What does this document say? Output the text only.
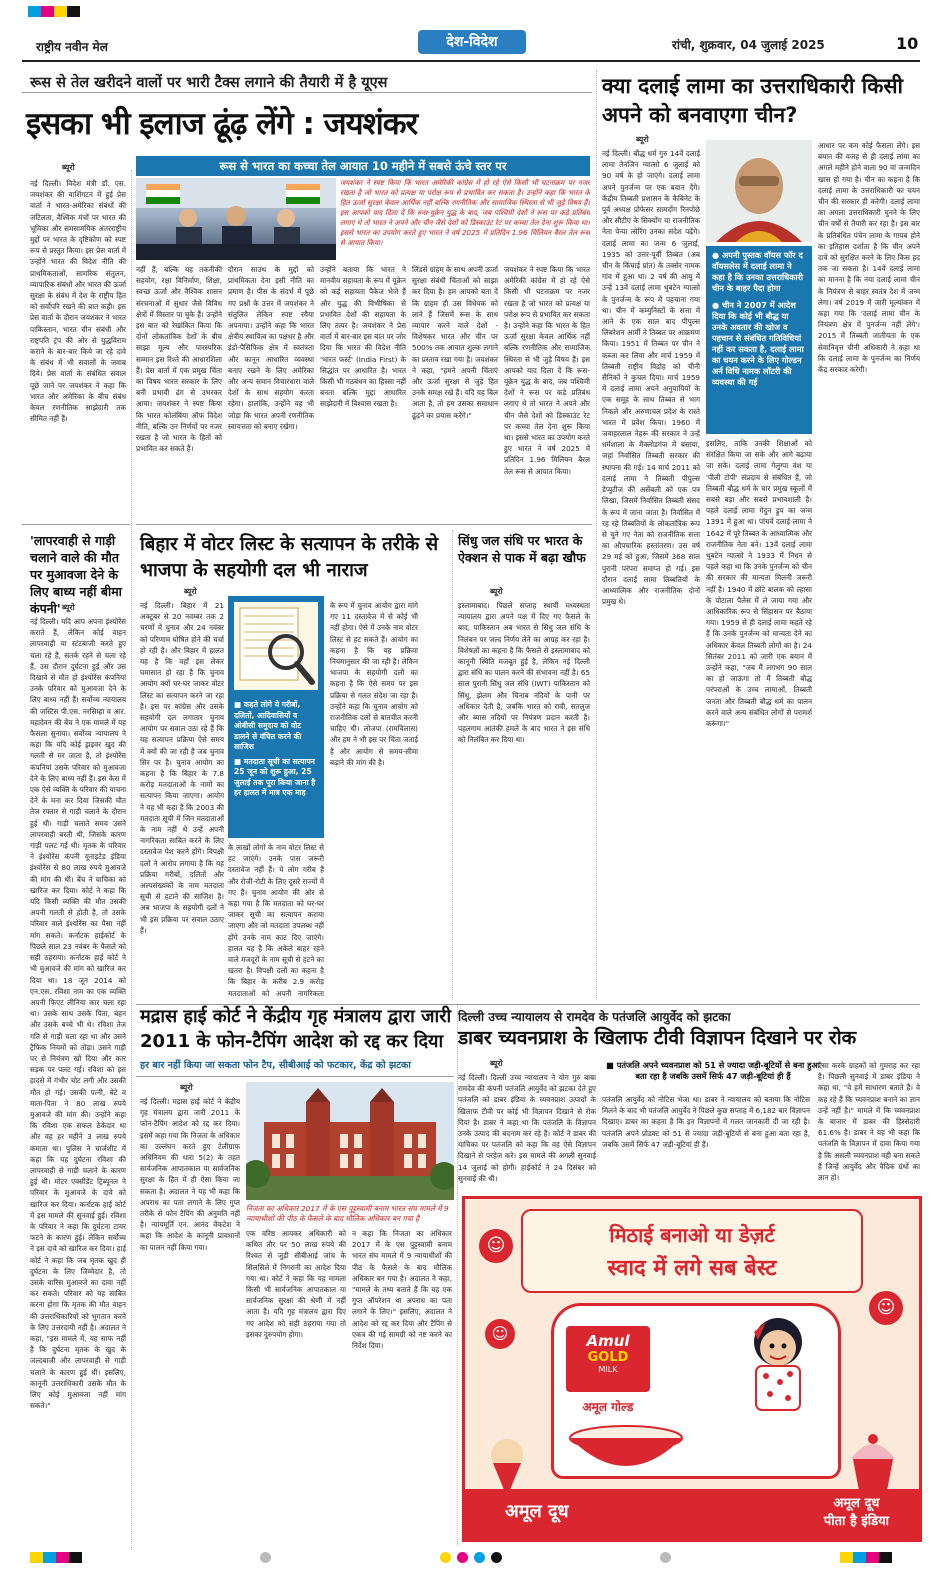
राष्ट्रीय नवीन मेल	देश-विदेश	रांची, शुक्रवार, 04 जुलाई 2025	10
रूस से तेल खरीदने वालों पर भारी टैक्स लगाने की तैयारी में है यूएस
इसका भी इलाज ढूंढ़ लेंगे : जयशंकर
ब्यूरो

नई दिल्ली। विदेश मंत्री डॉ. एस. जयशंकर की वाशिंगटन में हुई प्रेस वार्ता ने भारत-अमेरिका संबंधों की जटिलता, वैश्विक मंचों पर भारत की भूमिका और समसामयिक अंतरराष्ट्रीय मुद्दों पर भारत के दृष्टिकोण को स्पष्ट रूप से प्रस्तुत किया। इस प्रेस वार्ता में उन्होंने भारत की विदेश नीति की प्राथमिकताओं, सामरिक संतुलन, व्यापारिक संबंधों और भारत की ऊर्जा सुरक्षा के संबंध में देश के राष्ट्रीय हित को सर्वोपरि रखने की बात कही। इस प्रेस वार्ता के दौरान जयशंकर ने भारत पाकिस्तान, भारत चीन संबंधी और राष्ट्रपति ट्रंप की ओर से युद्धविराम कराने के बार-बार किये जा रहे दावे के संबंध में भी सवालों के जवाब दिये। प्रेस वार्ता के संबंधित सवाल पूछे जाने पर जयशंकर ने कहा कि भारत और अमेरिका के बीच संबंध केवल रणनीतिक साझेदारी तक सीमित नहीं हैं।

रूस से भारत का कच्चा तेल आयात 10 महीने में सबसे ऊंचे स्तर पर
जयशंकर ने स्पष्ट किया कि भारत अमेरिकी कांग्रेस में हो रहे ऐसे किसी भी घटनाक्रम पर नजर रखता है जो भारत को प्रत्यक्ष या परोक्ष रूप से प्रभावित कर सकता है। उन्होंने कहा कि भारत के हित ऊर्जा सुरक्षा केवल आर्थिक नहीं बल्कि रणनीतिक और सामाजिक स्थिरता से भी जुड़े विषय हैं। इस आपको याद दिला दें कि रूस-यूक्रेन युद्ध के बाद, जब पश्चिमी देशों ने रूस पर कड़े प्रतिबंध लगाए थे तो भारत ने अपने और चीन जैसे देशों को डिस्काउंट रेट पर कच्चा तेल देना शुरू किया था। इससे भारत का उपयोग करते हुए भारत ने वर्ष 2025 में प्रतिदिन 1.96 मिलियन बैरल तेल रूस से आयात किया।

नहीं हैं, बल्कि यह तकनीकी सहयोग, रक्षा विनिर्माण, शिक्षा, स्वच्छ ऊर्जा और वैश्विक शासन संरचनाओं में सुधार जैसे विविध क्षेत्रों में विस्तार पा चुके हैं। उन्होंने इस बात को रेखांकित किया कि दोनों लोकतांत्रिक देशों के बीच साझा मूल्य और पारस्परिक सम्मान इस रिश्ते की आधारशिला हैं। प्रेस वार्ता में एक प्रमुख चिंता का विषय भारत सरकार के लिए बनी प्रभावी ढंग से उभरकर आया। जयशंकर ने स्पष्ट किया कि भारत कोलंबिया ऑफ विदेश नीति, बल्कि उन निर्णयों पर नजर रखता है जो भारत के हितों को प्रभावित कर सकते हैं।

दौरान साउथ के मुद्दों को प्राथमिकता देना इसी नीति का प्रमाण है। पीस के संदर्भ में पूछे गए प्रश्नों के उत्तर में जयशंकर ने संतुलित लेकिन स्पष्ट रवैया अपनाया। उन्होंने कहा कि भारत क्षेत्रीय स्थायित्व का पक्षधर है और इंडो-पैसिफिक क्षेत्र में स्वतंत्रता और कानून आधारित व्यवस्था बनाए रखने के लिए अमेरिका और अन्य समान विचारधारा वाले देशों के साथ सहयोग करता रहेगा। हालांकि, उन्होंने यह भी जोड़ा कि भारत अपनी रणनीतिक स्वायत्तता को बनाए रखेगा।

उन्होंने बताया कि भारत ने मानवीय सहायता के रूप में यूक्रेन को कई सहायता पैकेज भेजे हैं और युद्ध की विभीषिका से प्रभावित देशों की सहायता के लिए तत्पर है। जयशंकर ने प्रेस वार्ता में बार-बार इस बात पर जोर दिया कि भारत की विदेश नीति 'भारत फर्स्ट' (India First) के सिद्धांत पर आधारित है। भारत किसी भी गठबंधन का हिस्सा नहीं बनता बल्कि मुद्दा आधारित साझेदारी में विश्वास रखता है।

लिंडसे ग्राहम के साथ अपनी ऊर्जा सुरक्षा संबंधी चिंताओं को साझा कर दिया है। हम आपको बता दें कि ग्राहम ही उस विधेयक को लाने हैं जिसमें रूस के साथ व्यापार करने वाले देशों - विशेषकर भारत और चीन पर 500% तक आयात शुल्क लगाने का प्रस्ताव रखा गया है। जयशंकर ने कहा, "हमने अपनी चिंताएं और ऊर्जा सुरक्षा से जुड़े हित उनके समक्ष रखे हैं। यदि यह बिल आता है, तो हम उसका समाधान ढूंढ़ने का प्रयास करेंगे।"

जयशंकर ने स्पष्ट किया कि भारत अमेरिकी कांग्रेस में हो रहे ऐसे किसी भी घटनाक्रम पर नजर रखता है जो भारत को प्रत्यक्ष या परोक्ष रूप से प्रभावित कर सकता है। उन्होंने कहा कि भारत के हित ऊर्जा सुरक्षा केवल आर्थिक नहीं बल्कि रणनीतिक और सामाजिक स्थिरता से भी जुड़े विषय हैं। इस आपको याद दिला दें कि रूस-यूक्रेन युद्ध के बाद, जब पश्चिमी देशों ने रूस पर कड़े प्रतिबंध लगाए थे तो भारत ने अपने और चीन जैसे देशों को डिस्काउंट रेट पर कच्चा तेल देना शुरू किया था। इससे भारत का उपयोग करते हुए भारत ने वर्ष 2025 में प्रतिदिन 1.96 मिलियन बैरल तेल रूस से आयात किया।

'लापरवाही से गाड़ी चलाने वाले की मौत पर मुआवजा देने के लिए बाध्य नहीं बीमा कंपनी' ब्यूरो

नई दिल्ली। यदि आप अपना इंश्योरेंस कराते हैं, लेकिन कोई वाहन लापरवाही या स्टंटबाजी करते हुए चला रहे हैं, सतर्क रहने से चला रहे हैं, उस दौरान दुर्घटना हुई और उस दिखावे से मौत हो इंश्योरेंस कंपनियां उनके परिवार को मुआवजा देने के लिए बाध्य नहीं हैं। सर्वोच्च न्यायालय की जस्टिस पी.एस. नरसिम्हा व आर. महादेवन की बेंच ने एक मामले में यह फैसला सुनाया। सर्वोच्च न्यायालय ने कहा कि यदि कोई ड्राइवर खुद की गलती से मर जाता है, तो इंश्योरेंस कंपनियां उसके परिवार को मुआवजा देने के लिए बाध्य नहीं हैं। इस केस में एक ऐसे व्यक्ति के परिवार की याचना देने के मना कर दिया जिसकी मौत तेज रफ्तार से गाड़ी चलाने के दौरान हुई थी। गाड़ी चलाते समय उसने लापरवाही बरती थी, जिसके कारण गाड़ी पलट गई थी। मृतक के परिवार ने इंश्योरेंस कंपनी यूनाइटेड इंडिया इंश्योरेंस से 80 लाख रुपये मुआवजे की मांग की थी। बेंच ने याचिका को खारिज कर दिया। कोर्ट ने कहा कि यदि किसी व्यक्ति की मौत उसकी अपनी गलती से होती है, तो उसके परिवार वाले इंश्योरेंस का पैसा नहीं मांग सकते। कर्नाटक हाईकोर्ट के पिछले साल 23 नवंबर के फैसले को सही ठहराया। कर्नाटक हाई कोर्ट ने भी मुआवजे की मांग को खारिज कर दिया था। 18 जून 2014 को एन.एस. रविशा नाम का एक व्यक्ति अपनी फिएट लीनिया कार चला रहा था। उसके साथ उसके पिता, बहन और उसके बच्चे भी थे। रविशा तेज गति से गाड़ी चला रहा था और उसने ट्रैफिक नियमों को तोड़ा। उसने गाड़ी पर से नियंत्रण खो दिया और कार सड़क पर पलट गई। रविशा को इस हादसे में गंभीर चोट लगी और उसकी मौत हो गई। उसकी पत्नी, बेटे व माता-पिता ने 80 लाख रुपये मुआवजे की मांग की। उन्होंने कहा कि रविशा एक सफल ठेकेदार था और वह हर महीने 3 लाख रुपये कमाता था। पुलिस ने चार्जशीट में कहा कि यह दुर्घटना रविशा की लापरवाही से गाड़ी चलाने के कारण हुई थी। मोटर एक्सीडेंट ट्रिब्यूनल ने परिवार के मुआवजे के दावे को खारिज कर दिया। कर्नाटक हाई कोर्ट में इस मामले की सुनवाई हुई। रविशा के परिवार ने कहा कि दुर्घटना टायर फटने के कारण हुई। लेकिन सर्वोच्च ने इस दावे को खारिज कर दिया। हाई कोर्ट ने कहा कि जब मृतक खुद ही दुर्घटना के लिए जिम्मेदार है, तो उसके वारिस मुआवजे का दावा नहीं कर सकते। परिवार को यह साबित करना होगा कि मृतक की मौत वाहन की उत्तराधिकारियों को भुगतान करने के लिए उत्तरदायी नहीं है। अदालत ने कहा, "इस मामले में, यह साफ नहीं है कि दुर्घटना मृतक के खुद के जल्दबाजी और लापरवाही से गाड़ी चलाने के कारण हुई थी। इसलिए, कानूनी उत्तराधिकारी उसके मौत के लिए कोई मुआवजा नहीं मांग सकते।"

बिहार में वोटर लिस्ट के सत्यापन के तरीके से भाजपा के सहयोगी दल भी नाराज
ब्यूरो
■ कहते लोगे ये गरीबों, दलितों, आदिवासियों व ओबीसी समुदाय को वोट डालने से वंचित करने की साजिश
■ मतदाता सूची का सत्यापन 25 जून को शुरू हुआ, 25 जुलाई तक पूरा किया जाना है हर हालत में मात्र एक माह

नई दिल्ली। बिहार में 21 अक्टूबर से 20 नवम्बर तक 2 चरणों में चुनाव और 24 नवंबर को परिणाम घोषित होने की चर्चा हो रही है। और बिहार में हालत यह है कि वहाँ इस लेकर घमासान हो रहा है कि चुनाव आयोग क्यों घर-घर जाकर वोटर लिस्ट का सत्यापन करने जा रहा है। इस पर कांग्रेस और उसके सहयोगी दल लगातार चुनाव आयोग पर सवाल उठा रहे हैं कि यह सत्यापन प्रक्रिया ऐसे समय में क्यों की जा रही है जब चुनाव सिर पर है। चुनाव आयोग का कहना है कि बिहार के 7.8 करोड़ मतदाताओं के नामों का सत्यापन किया जाएगा। आयोग ने यह भी कहा है कि 2003 की मतदाता सूची में जिन मतदाताओं के नाम नहीं थे उन्हें अपनी नागरिकता साबित करने के लिए दस्तावेज पेश करने होंगे। विपक्षी दलों ने आरोप लगाया है कि यह प्रक्रिया गरीबों, दलितों और अल्पसंख्यकों के नाम मतदाता सूची से हटाने की साजिश है। अब भाजपा के सहयोगी दलों ने भी इस प्रक्रिया पर सवाल उठाए हैं।

के लाखों लोगों के नाम वोटर लिस्ट से हट जाएंगे। उनके पास जरूरी दस्तावेज नहीं हैं। ये लोग गरीब हैं और रोजी-रोटी के लिए दूसरे राज्यों में गए हैं। चुनाव आयोग की ओर से कहा गया है कि मतदाता को घर-घर जाकर सूची का सत्यापन कराया जाएगा और जो मतदाता उपलब्ध नहीं होंगे उनके नाम काट दिए जाएंगे। हालत यह है कि अकेले बाहर रहने वाले मजदूरों के नाम सूची से हटने का खतरा है। विपक्षी दलों का कहना है कि बिहार के करीब 2.9 करोड़ मतदाताओं को अपनी नागरिकता

के रूप में चुनाव आयोग द्वारा मांगे गए 11 दस्तावेज में से कोई भी नहीं होगा। ऐसे में उनके नाम वोटर लिस्ट से हट सकते हैं। आयोग का कहना है कि यह प्रक्रिया नियमानुसार की जा रही है। लेकिन भाजपा के सहयोगी दलों का कहना है कि ऐसे समय पर इस प्रक्रिया से गलत संदेश जा रहा है। उन्होंने कहा कि चुनाव आयोग को राजनीतिक दलों से बातचीत करनी चाहिए थी। लोजपा (रामविलास) और हम ने भी इस पर चिंता जताई है और आयोग से समय-सीमा बढ़ाने की मांग की है।

सिंधु जल संधि पर भारत के ऐक्शन से पाक में बढ़ा खौफ
ब्यूरो

इस्लामाबाद। पिछले सप्ताह स्थायी मध्यस्थता न्यायालय द्वारा अपने पक्ष में दिए गए फैसले के बाद, पाकिस्तान अब भारत से सिंधु जल संधि के निलंबन पर जल्द निर्णय लेने का आग्रह कर रहा है। विशेषज्ञों का कहना है कि फैसले से इस्लामाबाद को कानूनी स्थिति मजबूत हुई है, लेकिन नई दिल्ली द्वारा संधि का पालन करने की संभावना नहीं है। 65 साल पुरानी सिंधु जल संधि (IWT) पाकिस्तान को सिंधु, झेलम और चिनाब नदियों के पानी पर अधिकार देती है, जबकि भारत को रावी, सतलुज और ब्यास नदियों पर नियंत्रण प्रदान करती है। पहलगाम आतंकी हमले के बाद भारत ने इस संधि को निलंबित कर दिया था।

क्या दलाई लामा का उत्तराधिकारी किसी अपने को बनवाएगा चीन?
ब्यूरो

नई दिल्ली। बौद्ध धर्म गुरु 14वें दलाई लामा तेनजिन ग्यात्सो 6 जुलाई को 90 वर्ष के हो जाएंगे। दलाई लामा अपने पुनर्जन्म पर एक बयान देंगे। केंद्रीय तिब्बती प्रशासन के कैबिनेट के पूर्व अध्यक्ष प्रोफेसर सामदोंग रिनपोछे और सीटीए के सिक्योंग या राजनीतिक नेता पेन्पा त्सेरिंग उनका संदेश पढ़ेंगे। दलाई लामा का जन्म 6 जुलाई, 1935 को उत्तर-पूर्वी तिब्बत (अब चीन के किंघाई प्रांत) के तक्सेर नामक गांव में हुआ था। 2 वर्ष की आयु में उन्हें 13वें दलाई लामा थुबटेन ग्यात्सो के पुनर्जन्म के रूप में पहचाना गया था। चीन में कम्युनिस्टों के सत्ता में आने के एक साल बाद पीपुल्स लिबरेशन आर्मी ने तिब्बत पर आक्रमण किया। 1951 में तिब्बत पर चीन ने कब्जा कर लिया और मार्च 1959 में तिब्बती राष्ट्रीय विद्रोह को चीनी सैनिकों ने कुचल दिया। मार्च 1959 में दलाई लामा अपने अनुयायियों के एक समूह के साथ तिब्बत से भाग निकले और अरुणाचल प्रदेश के रास्ते भारत में प्रवेश किया। 1960 में जवाहरलाल नेहरू की सरकार ने उन्हें धर्मशाला के मैक्लोडगंज में बसाया, जहां निर्वासित तिब्बती सरकार की स्थापना की गई। 14 मार्च 2011 को दलाई लामा ने तिब्बती पीपुल्स डेप्युटीज की असेंबली को एक पत्र लिखा, जिसमें निर्वासित तिब्बती संसद के रूप में जाना जाता है। निर्वासित में रह रहे तिब्बतियों के लोकतांत्रिक रूप से चुने गए नेता को राजनीतिक सत्ता का औपचारिक हस्तांतरण। उस वर्ष 29 मई को हुआ, जिसमें 368 साल पुरानी परंपरा समाप्त हो गई। इस दौरान दलाई लामा तिब्बतियों के आध्यात्मिक और राजनीतिक दोनों प्रमुख थे।

● अपनी पुस्तक वॉयस फॉर द वॉयसलेस में दलाई लामा ने कहा है कि उनका उत्तराधिकारी चीन के बाहर पैदा होगा
● चीन ने 2007 में आदेश दिया कि कोई भी बौद्ध या उनके अवतार की खोज व पहचान से संबंधित गतिविधियां नहीं कर सकता है, दलाई लामा का चयन करने के लिए गोल्डन अर्न विधि नामक लॉटरी की व्यवस्था की गई

इसलिए, ताकि उनकी शिक्षाओं को संरक्षित किया जा सके और आगे बढ़ाया जा सके। दलाई लामा गेलुग्पा वंश या 'पीली टोपी' संप्रदाय से संबंधित हैं, जो तिब्बती बौद्ध धर्म के चार प्रमुख स्कूलों में सबसे बड़ा और सबसे प्रभावशाली है। पहले दलाई लामा गेदुन ड्रुप का जन्म 1391 में हुआ था। पांचवें दलाई लामा ने 1642 में पूरे तिब्बत के आध्यात्मिक और राजनीतिक नेता बने। 13वें दलाई लामा थुबटेन ग्यात्सो ने 1933 में निधन से पहले कहा था कि उनके पुनर्जन्म को चीन की सरकार की मान्यता मिलनी जरूरी नहीं है। 1940 में छोटे बालक को ल्हासा के पोटाला पैलेस में ले जाया गया और आधिकारिक रूप से सिंहासन पर बैठाया गया। 1959 से ही दलाई लामा कहते रहे हैं कि उनके पुनर्जन्म को मान्यता देने का अधिकार केवल तिब्बती लोगों का है। 24 सितंबर 2011 को जारी एक बयान में उन्होंने कहा, "जब मैं लगभग 90 साल का हो जाऊंगा तो मैं तिब्बती बौद्ध परंपराओं के उच्च लामाओं, तिब्बती जनता और तिब्बती बौद्ध धर्म का पालन करने वाले अन्य संबंधित लोगों से परामर्श करूंगा।"

आधार पर कम कोई फैसला लेंगे। इस बयान की वजह से ही दलाई लामा का अगले महीने होने वाला 90 वां जन्मदिन खास हो गया है। चीन का कहना है कि दलाई लामा के उत्तराधिकारी का चयन चीन की सरकार ही करेगी। दलाई लामा का अगला उत्तराधिकारी चुनने के लिए चीन वर्षों से तैयारी कर रहा है। इस बार के प्रतिबंधित पंचेन लामा के गायब होने का इतिहास दर्शाता है कि चीन अपने दावे को सुरक्षित करने के लिए किस हद तक जा सकता है। 14वें दलाई लामा का मानना है कि नया दलाई लामा चीन के नियंत्रण से बाहर स्वतंत्र देश में जन्म लेगा। वर्ष 2019 में जारी मूल्यांकन में कहा गया कि 'दलाई लामा चीन के नियंत्रण क्षेत्र में पुनर्जन्म नहीं लेंगे'। 2015 में तिब्बती जातीयता के एक सेवानिवृत्त चीनी अधिकारी ने कहा था कि दलाई लामा के पुनर्जन्म का निर्णय केंद्र सरकार करेगी।

दिल्ली उच्च न्यायालय से रामदेव के पतंजलि आयुर्वेद को झटका
डाबर च्यवनप्राश के खिलाफ टीवी विज्ञापन दिखाने पर रोक
ब्यूरो	■ पतंजलि अपने च्यवनप्राश को 51 से ज्यादा जड़ी-बूटियों से बना हुआ बता रहा है जबकि उसमें सिर्फ 47 जड़ी-बूटियां ही हैं

नई दिल्ली। दिल्ली उच्च न्यायालय ने योग गुरु बाबा रामदेव की कंपनी पतंजलि आयुर्वेद को झटका देते हुए पतंजलि को डाबर इंडिया के च्यवनप्राश उत्पादों के खिलाफ टीवी पर कोई भी विज्ञापन दिखाने से रोक दिया है। डाबर ने कहा था कि पतंजलि के विज्ञापन उनके उत्पाद की बदनाम कर रहे हैं। कोर्ट ने डाबर की याचिका पर पतंजलि को कहा कि वह ऐसे विज्ञापन दिखाने से परहेज करे। इस मामले की अगली सुनवाई 14 जुलाई को होगी। हाईकोर्ट ने 24 दिसंबर को सुनवाई की थी।

पतंजलि आयुर्वेद को नोटिस भेजा था। डाबर ने न्यायालय को बताया कि नोटिस मिलने के बाद भी पतंजलि आयुर्वेद ने पिछले कुछ सप्ताह में 6,182 बार विज्ञापन दिखाए। डाबर का कहना है कि इन विज्ञापनों में गलत जानकारी दी जा रही है। पतंजलि अपने प्रोडक्ट को 51 से ज्यादा जड़ी-बूटियों से बना हुआ बता रहा है, जबकि उसमें सिर्फ 47 जड़ी-बूटियां ही हैं।

ऐसा करके ग्राहकों को गुमराह कर रहा है। पिछली सुनवाई में डाबर इंडिया ने कहा था, "वे हमें साधारण बताते हैं। वे कह रहे हैं कि च्यवनप्राश बनाने का ज्ञान उन्हें नहीं है।" मामले में कि च्यवनप्राश के बाजार में डाबर की हिस्सेदारी 61.6% है। डाबर ने यह भी कहा कि पतंजलि के विज्ञापन में दावा किया गया है कि असली च्यवनप्राश वही बना सकते हैं जिन्हें आयुर्वेद और वैदिक ग्रंथों का ज्ञान हो।

मद्रास हाई कोर्ट ने केंद्रीय गृह मंत्रालय द्वारा जारी 2011 के फोन-टैपिंग आदेश को रद्द कर दिया
हर बार नहीं किया जा सकता फोन टैप, सीबीआई को फटकार, केंद्र को झटका
ब्यूरो

नई दिल्ली। मद्रास हाई कोर्ट ने केंद्रीय गृह मंत्रालय द्वारा जारी 2011 के फोन-टैपिंग आदेश को रद्द कर दिया। इसमें कहा गया कि निजता के अधिकार का उल्लंघन करते हुए टेलीग्राफ अधिनियम की धारा 5(2) के तहत सार्वजनिक आपातकाल या सार्वजनिक सुरक्षा के हित में ही ऐसा किया जा सकता है। अदालत ने यह भी कहा कि अपराध का पता लगाने के लिए गुप्त तरीके से फोन टैपिंग की अनुमति नहीं है। न्यायमूर्ति एन. आनंद वेंकटेश ने कहा कि आदेश के कानूनी प्रावधानों का पालन नहीं किया गया।

निजता का अधिकार 2017 में के एस पुट्टस्वामी बनाम भारत संघ मामले में 9 न्यायाधीशों की पीठ के फैसले के बाद मौलिक अधिकार बन गया है

एक वरिष्ठ आयकर अधिकारी को कथित तौर पर 50 लाख रुपये की रिश्वत से जुड़ी सीबीआई जांच के सिलसिले में निगरानी का आदेश दिया गया था। कोर्ट ने कहा कि यह मामला किसी भी सार्वजनिक आपातकाल या सार्वजनिक सुरक्षा की श्रेणी में नहीं आता है। यदि गृह मंत्रालय द्वारा दिए गए आदेश को सही ठहराया गया तो इसका दुरुपयोग होगा।

न कहा कि निजता का अधिकार 2017 में के एस पुट्टस्वामी बनाम भारत संघ मामले में 9 न्यायाधीशों की पीठ के फैसले के बाद मौलिक अधिकार बन गया है। अदालत ने कहा, "मामले के तथ्य बताते हैं कि यह एक गुप्त ऑपरेशन था अपराध का पता लगाने के लिए।" इसलिए, अदालत ने आदेश को रद्द कर दिया और टैपिंग से एकत्र की गई सामग्री को नष्ट करने का निर्देश दिया।

मिठाई बनाओ या डेज़र्ट
स्वाद में लगे सब बेस्ट
☺
☺
☺	Amul
GOLD
MILK
अमूल गोल्ड
अमूल दूध	अमूल दूध
पीता है इंडिया
